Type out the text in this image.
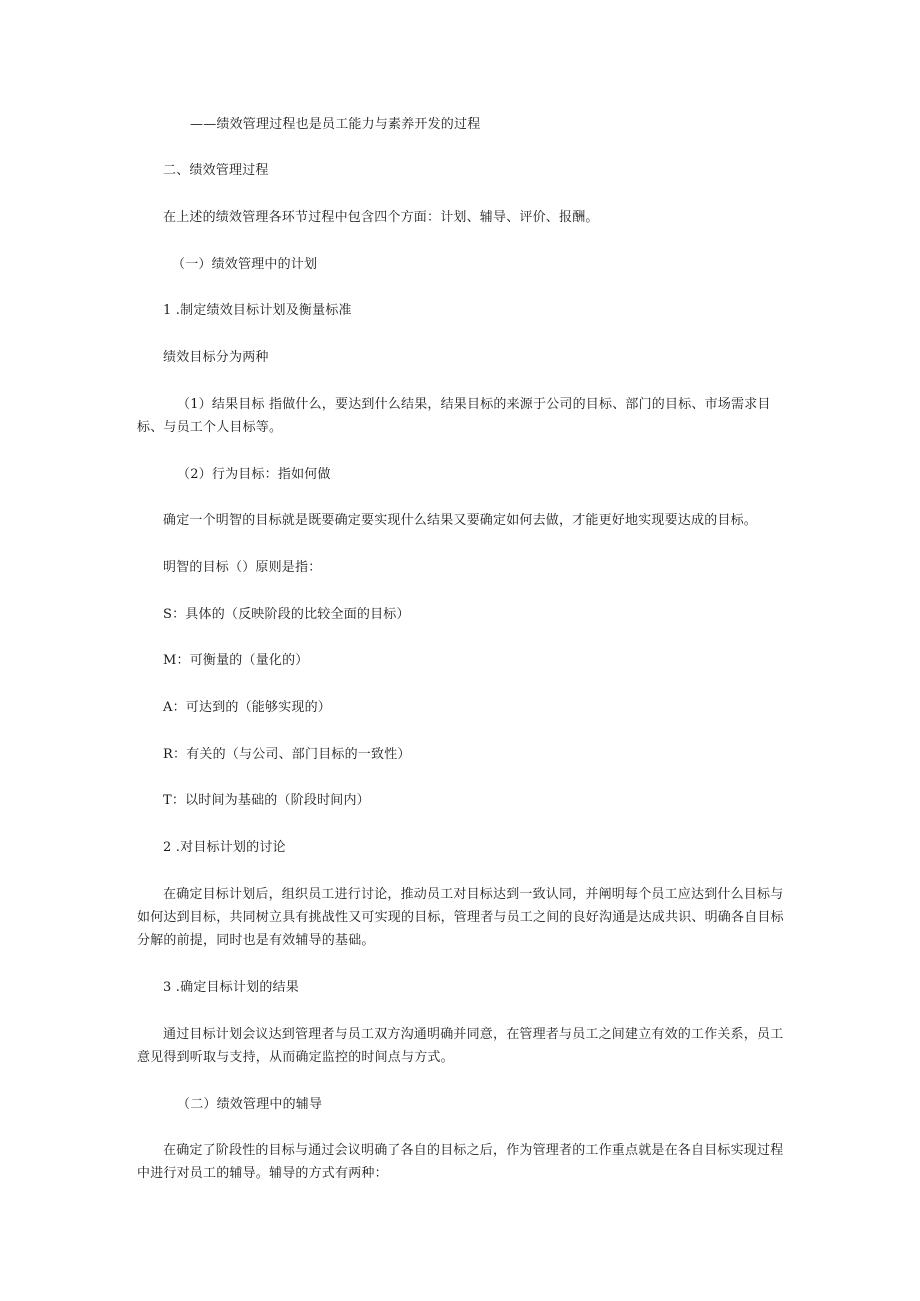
——绩效管理过程也是员工能力与素养开发的过程

二、绩效管理过程

在上述的绩效管理各环节过程中包含四个方面：计划、辅导、评价、报酬。

（一）绩效管理中的计划

1 .制定绩效目标计划及衡量标准

绩效目标分为两种

（1）结果目标 指做什么，要达到什么结果，结果目标的来源于公司的目标、部门的目标、市场需求目标、与员工个人目标等。

（2）行为目标：指如何做

确定一个明智的目标就是既要确定要实现什么结果又要确定如何去做，才能更好地实现要达成的目标。

明智的目标（）原则是指：

S：具体的（反映阶段的比较全面的目标）

M：可衡量的（量化的）

A：可达到的（能够实现的）

R：有关的（与公司、部门目标的一致性）

T：以时间为基础的（阶段时间内）

2 .对目标计划的讨论

在确定目标计划后，组织员工进行讨论，推动员工对目标达到一致认同，并阐明每个员工应达到什么目标与如何达到目标，共同树立具有挑战性又可实现的目标，管理者与员工之间的良好沟通是达成共识、明确各自目标分解的前提，同时也是有效辅导的基础。

3 .确定目标计划的结果

通过目标计划会议达到管理者与员工双方沟通明确并同意，在管理者与员工之间建立有效的工作关系，员工意见得到听取与支持，从而确定监控的时间点与方式。

（二）绩效管理中的辅导

在确定了阶段性的目标与通过会议明确了各自的目标之后，作为管理者的工作重点就是在各自目标实现过程中进行对员工的辅导。辅导的方式有两种：
